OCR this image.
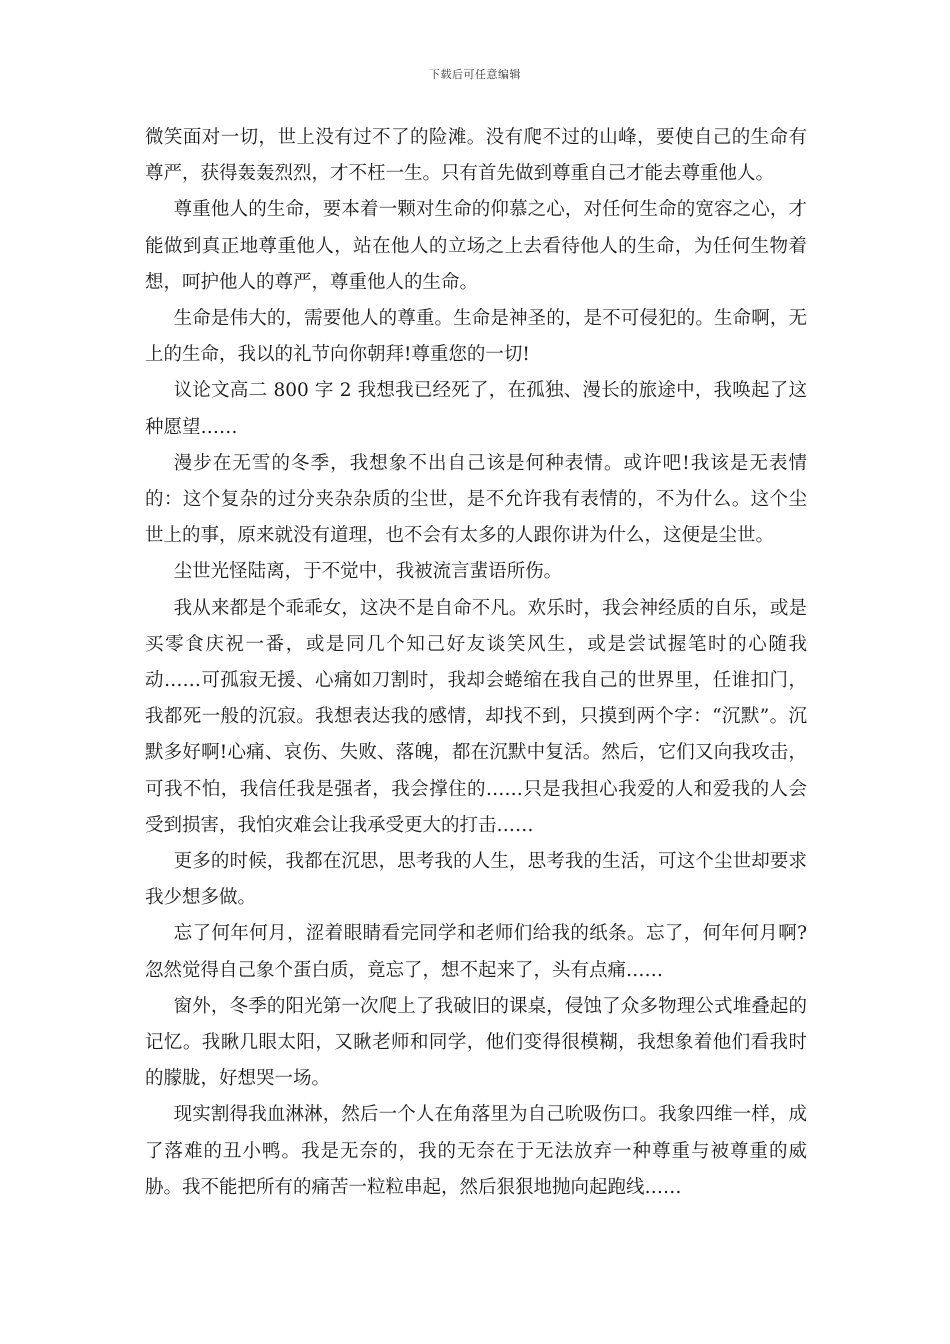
下载后可任意编辑

微笑面对一切，世上没有过不了的险滩。没有爬不过的山峰，要使自己的生命有尊严，获得轰轰烈烈，才不枉一生。只有首先做到尊重自己才能去尊重他人。

尊重他人的生命，要本着一颗对生命的仰慕之心，对任何生命的宽容之心，才能做到真正地尊重他人，站在他人的立场之上去看待他人的生命，为任何生物着想，呵护他人的尊严，尊重他人的生命。

生命是伟大的，需要他人的尊重。生命是神圣的，是不可侵犯的。生命啊，无上的生命，我以的礼节向你朝拜!尊重您的一切!

议论文高二 800 字 2 我想我已经死了，在孤独、漫长的旅途中，我唤起了这种愿望……

漫步在无雪的冬季，我想象不出自己该是何种表情。或许吧!我该是无表情的：这个复杂的过分夹杂杂质的尘世，是不允许我有表情的，不为什么。这个尘世上的事，原来就没有道理，也不会有太多的人跟你讲为什么，这便是尘世。

尘世光怪陆离，于不觉中，我被流言蜚语所伤。

我从来都是个乖乖女，这决不是自命不凡。欢乐时，我会神经质的自乐，或是买零食庆祝一番，或是同几个知己好友谈笑风生，或是尝试握笔时的心随我动……可孤寂无援、心痛如刀割时，我却会蜷缩在我自己的世界里，任谁扣门，我都死一般的沉寂。我想表达我的感情，却找不到，只摸到两个字：“沉默”。沉默多好啊!心痛、哀伤、失败、落魄，都在沉默中复活。然后，它们又向我攻击，可我不怕，我信任我是强者，我会撑住的……只是我担心我爱的人和爱我的人会受到损害，我怕灾难会让我承受更大的打击……

更多的时候，我都在沉思，思考我的人生，思考我的生活，可这个尘世却要求我少想多做。

忘了何年何月，涩着眼睛看完同学和老师们给我的纸条。忘了，何年何月啊?忽然觉得自己象个蛋白质，竟忘了，想不起来了，头有点痛……

窗外，冬季的阳光第一次爬上了我破旧的课桌，侵蚀了众多物理公式堆叠起的记忆。我瞅几眼太阳，又瞅老师和同学，他们变得很模糊，我想象着他们看我时的朦胧，好想哭一场。

现实割得我血淋淋，然后一个人在角落里为自己吮吸伤口。我象四维一样，成了落难的丑小鸭。我是无奈的，我的无奈在于无法放弃一种尊重与被尊重的威胁。我不能把所有的痛苦一粒粒串起，然后狠狠地抛向起跑线……
